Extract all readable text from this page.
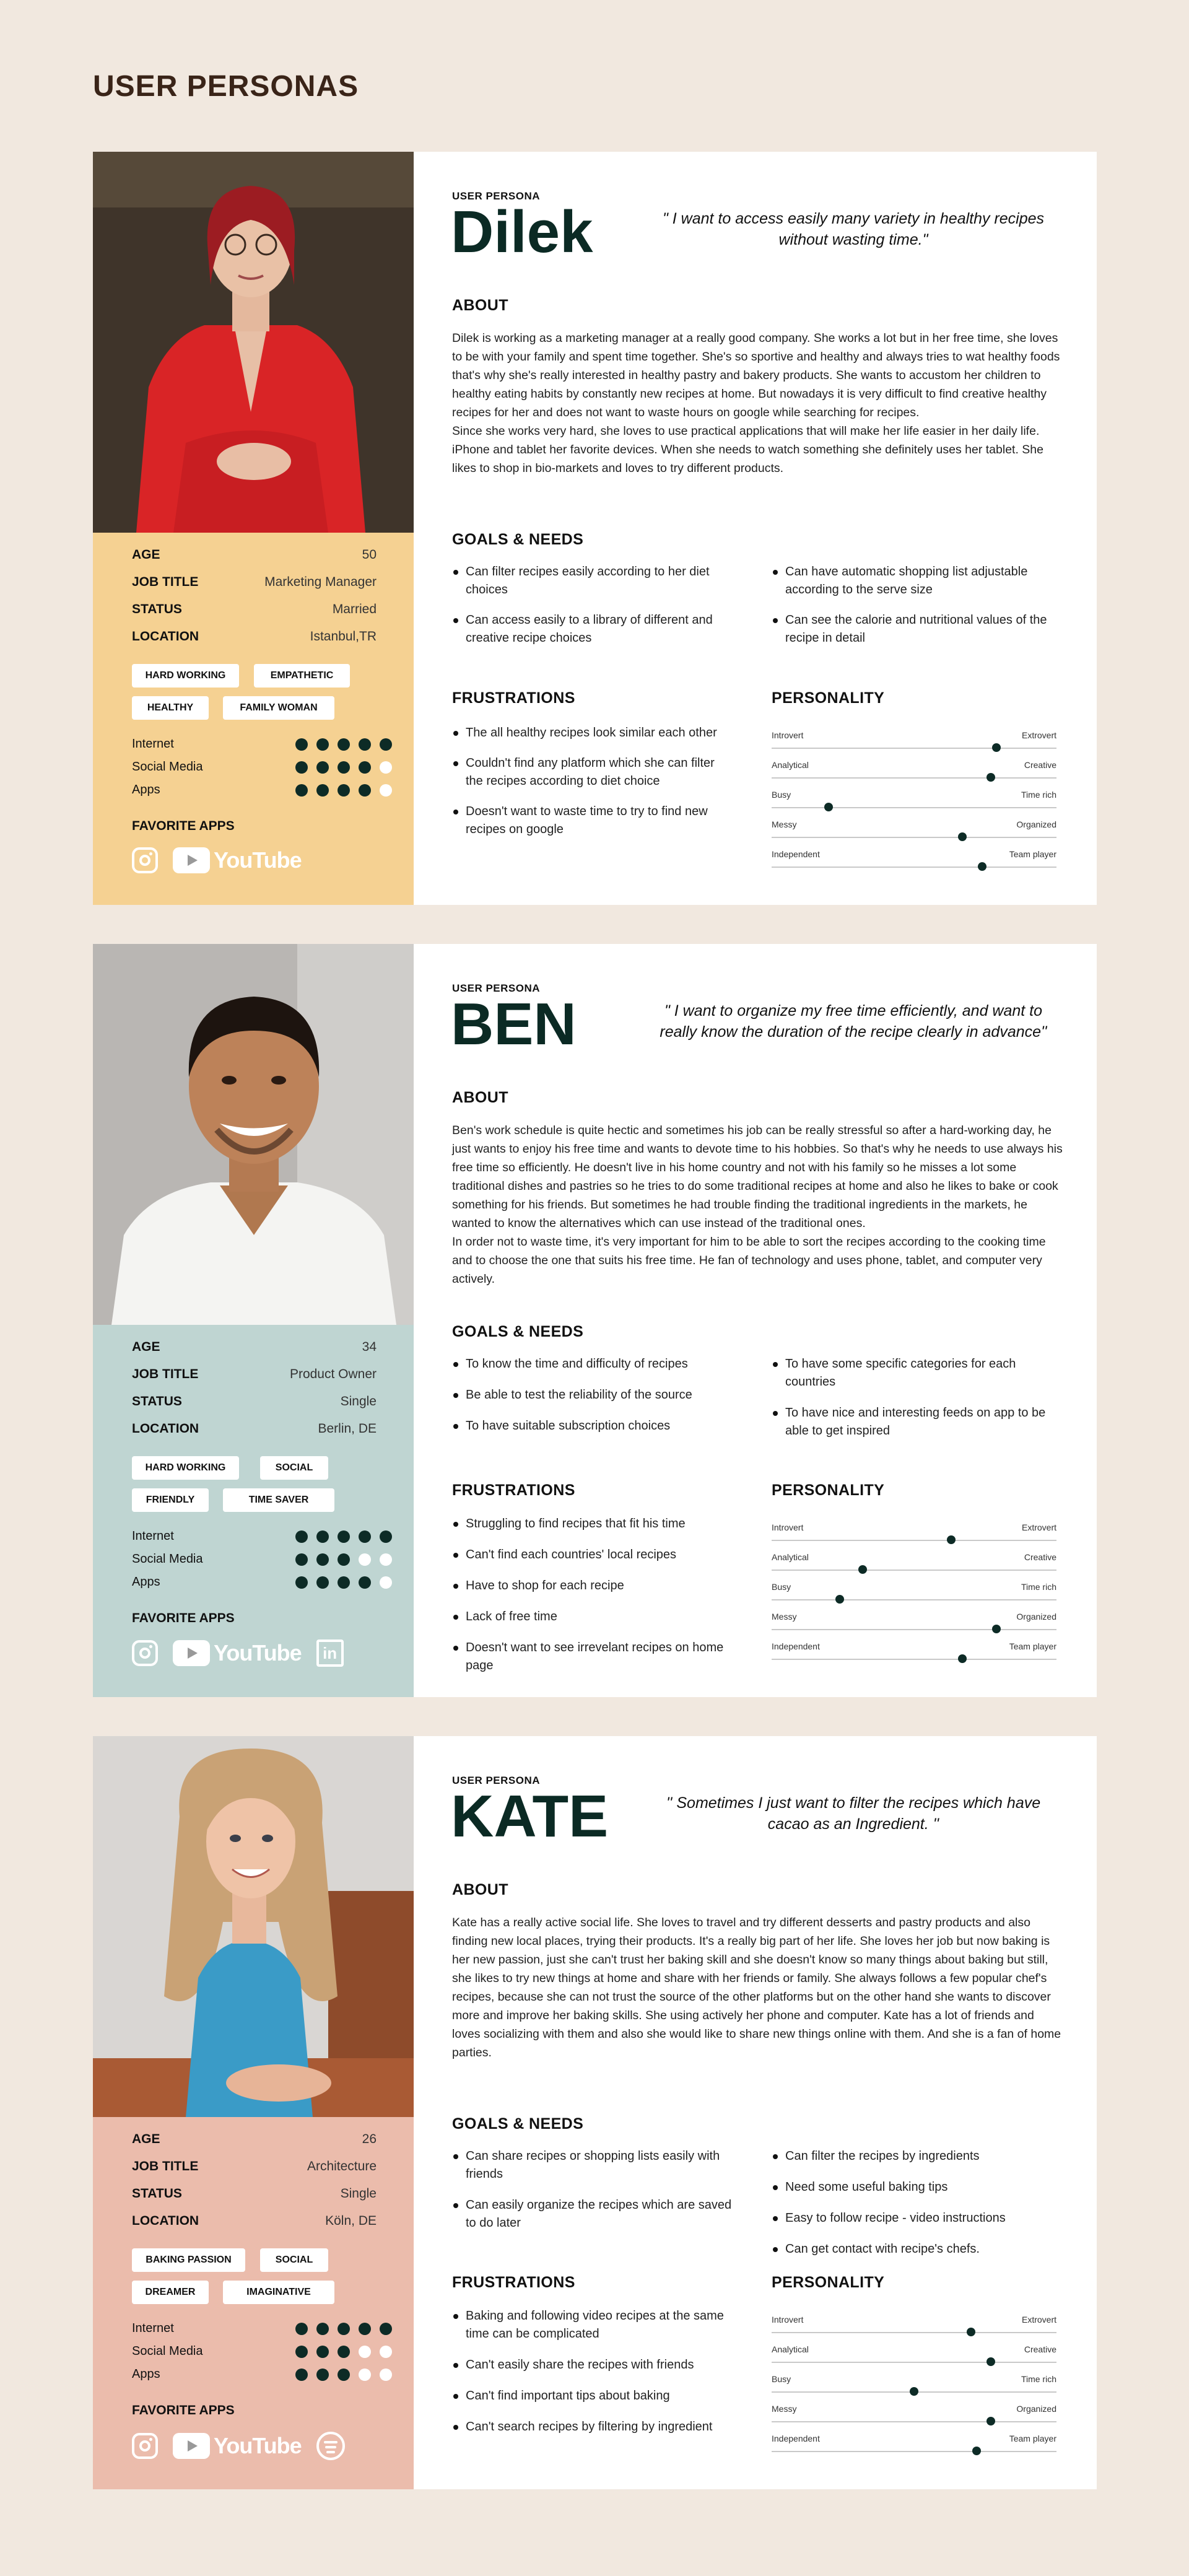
USER PERSONAS
AGE	50
JOB TITLE	Marketing Manager
STATUS	Married
LOCATION	Istanbul,TR
HARD WORKING	EMPATHETIC
HEALTHY	FAMILY WOMAN
Internet
Social Media
Apps
FAVORITE APPS
YouTube
USER PERSONA
Dilek	" I want to access easily many variety in healthy recipes without wasting time."
ABOUT

Dilek is working as a marketing manager at a really good company. She works a lot but in her free time, she loves to be with your family and spent time together. She's so sportive and healthy and always tries to wat healthy foods that's why she's really interested in healthy pastry and bakery products. She wants to accustom her children to healthy eating habits by constantly new recipes at home. But nowadays it is very difficult to find creative healthy recipes for her and does not want to waste hours on google while searching for recipes.
Since she works very hard, she loves to use practical applications that will make her life easier in her daily life. iPhone and tablet her favorite devices. When she needs to watch something she definitely uses her tablet. She likes to shop in bio-markets and loves to try different products.

GOALS & NEEDS
Can filter recipes easily according to her diet choices
Can access easily to a library of different and creative recipe choices
Can have automatic shopping list adjustable according to the serve size
Can see the calorie and nutritional values of the recipe in detail
FRUSTRATIONS
The all healthy recipes look similar each other
Couldn't find any platform which she can filter the recipes according to diet choice
Doesn't want to waste time to try to find new recipes on google
PERSONALITY
Introvert	Extrovert
Analytical	Creative
Busy	Time rich
Messy	Organized
Independent	Team player
AGE	34
JOB TITLE	Product Owner
STATUS	Single
LOCATION	Berlin, DE
HARD WORKING	SOCIAL
FRIENDLY	TIME SAVER
Internet
Social Media
Apps
FAVORITE APPS
YouTube	in
USER PERSONA
BEN	" I want to organize my free time efficiently, and want to really know the duration of the recipe clearly in advance''
ABOUT

Ben's work schedule is quite hectic and sometimes his job can be really stressful so after a hard-working day, he just wants to enjoy his free time and wants to devote time to his hobbies. So that's why he needs to use always his free time so efficiently. He doesn't live in his home country and not with his family so he misses a lot some traditional dishes and pastries so he tries to do some traditional recipes at home and also he likes to bake or cook something for his friends. But sometimes he had trouble finding the traditional ingredients in the markets, he wanted to know the alternatives which can use instead of the traditional ones.
In order not to waste time, it's very important for him to be able to sort the recipes according to the cooking time and to choose the one that suits his free time. He fan of technology and uses phone, tablet, and computer very actively.

GOALS & NEEDS
To know the time and difficulty of recipes
Be able to test the reliability of the source
To have suitable subscription choices
To have some specific categories for each countries
To have nice and interesting feeds on app to be able to get inspired
FRUSTRATIONS
Struggling to find recipes that fit his time
Can't find each countries' local recipes
Have to shop for each recipe
Lack of free time
Doesn't want to see irrevelant recipes on home page
PERSONALITY
Introvert	Extrovert
Analytical	Creative
Busy	Time rich
Messy	Organized
Independent	Team player
AGE	26
JOB TITLE	Architecture
STATUS	Single
LOCATION	Köln, DE
BAKING PASSION	SOCIAL
DREAMER	IMAGINATIVE
Internet
Social Media
Apps
FAVORITE APPS
YouTube
USER PERSONA
KATE	'' Sometimes I just want to filter the recipes which have cacao as an Ingredient. ''
ABOUT

Kate has a really active social life. She loves to travel and try different desserts and pastry products and also finding new local places, trying their products. It's a really big part of her life. She loves her job but now baking is her new passion, just she can't trust her baking skill and she doesn't know so many things about baking but still, she likes to try new things at home and share with her friends or family. She always follows a few popular chef's recipes, because she can not trust the source of the other platforms but on the other hand she wants to discover more and improve her baking skills. She using actively her phone and computer. Kate has a lot of friends and loves socializing with them and also she would like to share new things online with them. And she is a fan of home parties.

GOALS & NEEDS
Can share recipes or shopping lists easily with friends
Can easily organize the recipes which are saved to do later
Can filter the recipes by ingredients
Need some useful baking tips
Easy to follow recipe - video instructions
Can get contact with recipe's chefs.
FRUSTRATIONS
Baking and following video recipes at the same time can be complicated
Can't easily share the recipes with friends
Can't find important tips about baking
Can't search recipes by filtering by ingredient
PERSONALITY
Introvert	Extrovert
Analytical	Creative
Busy	Time rich
Messy	Organized
Independent	Team player
